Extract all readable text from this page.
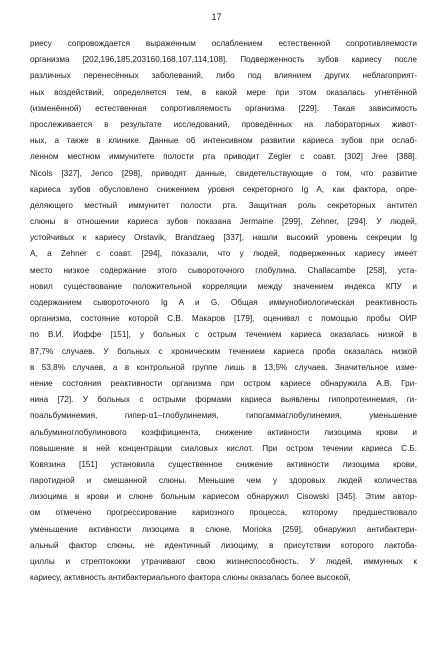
17
риесу сопровождается выраженным ослаблением естественной сопротивляемости
организма [202,196,185,203160,168,107,114,108]. Подверженность зубов кариесу после
различных перенесённых заболеваний, либо под влиянием других неблагоприят-
ных воздействий, определяется тем, в какой мере при этом оказалась угнетённой
(изменённой) естественная сопротивляемость организма [229]. Такая зависимость
прослеживается в результате исследований, проведённых на лабораторных живот-
ных, а также в клинике. Данные об интенсивном развитии кариеса зубов при ослаб-
ленном местном иммунитете полости рта приводит Zegler с соавт. [302] Jree [388].
Nicols [327], Jenco [298], приводят данные, свидетельствующие о том, что развитие
кариеса зубов обусловлено снижением уровня секреторного Ig A, как фактора, опре-
деляющего местный иммунитет полости рта. Защитная роль секреторных антител
слюны в отношении кариеса зубов показана Jermaine [299], Zehner, [294]. У людей,
устойчивых к кариесу Orstavik, Brandzaeg [337], нашли высокий уровень секреции Ig
A, а Zehner с соавт. [294], показали, что у людей, подверженных кариесу имеет
место низкое содержание этого сывороточного глобулина. Challacambe [258], уста-
новил существование положительной корреляции между значением индекса КПУ и
содержанием сывороточного Ig A и G. Общая иммунобиологическая реактивность
организма, состояние которой С.В. Макаров [179], оценивал с помощью пробы ОИР
по В.И. Иоффе [151], у больных с острым течением кариеса оказалась низкой в
87,7% случаев. У больных с хроническим течением кариеса проба оказалась низкой
в 53,8% случаев, а в контрольной группе лишь в 13,5% случаев. Значительное изме-
нение состояния реактивности организма при остром кариесе обнаружила А.В. Гри-
нина [72]. У больных с острыми формами кариеса выявлены гипопротеинемия, ги-
поальбуминемия, гипер-α1–глобулинемия, гипогаммаглобулинемия, уменьшение
альбуминоглобулинового коэффициента, снижение активности лизоцима крови и
повышение в ней концентрации сиаловых кислот. При остром течении кариеса С.Б.
Ковязина [151] установила существенное снижение активности лизоцима крови,
паротидной и смешанной слюны. Меньшие чем у здоровых людей количества
лизоцима в крови и слюне больным кариесом обнаружил Cisowski [345]. Этим автор-
ом отмечено прогрессирование кариозного процесса, которому предшествовало
уменьшение активности лизоцима в слюне. Morioka [259], обнаружил антибактери-
альный фактор слюны, не идентичный лизоциму, в присутствии которого лактоба-
циллы и стрептококки утрачивают свою жизнеспособность. У людей, иммунных к
кариесу, активность антибактериального фактора слюны оказалась более высокой,
